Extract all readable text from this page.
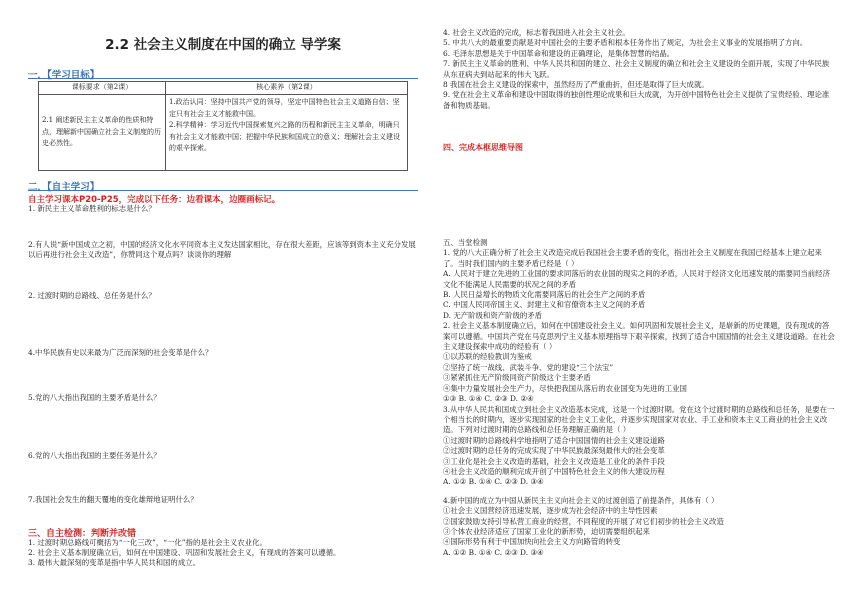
2.2 社会主义制度在中国的确立 导学案
一．【学习目标】
课标要求（第2课）	核心素养（第2课）
2.1 阐述新民主主义革命的性质和特点，理解新中国确立社会主义制度的历史必然性。	1.政治认同：坚持中国共产党的领导，坚定中国特色社会主义道路自信；坚定只有社会主义才能救中国。
2.科学精神：学习近代中国探索复兴之路的历程和新民主主义革命，明确只有社会主义才能救中国；把握中华民族和国成立的意义；理解社会主义建设的艰辛探索。
二．【自主学习】
自主学习课本P20-P25，完成以下任务：边看课本，边圈画标记。
1. 新民主主义革命胜利的标志是什么？
2.有人说“新中国成立之初，中国的经济文化水平同资本主义发达国家相比，存在很大差距，应该等到资本主义充分发展以后再进行社会主义改造”，你赞同这个观点吗？谈谈你的理解
2. 过渡时期的总路线、总任务是什么？
4.中华民族有史以来最为广泛而深刻的社会变革是什么？
5.党的八大指出我国的主要矛盾是什么？
6.党的八大指出我国的主要任务是什么？
7.我国社会发生的翻天覆地的变化雄辩地证明什么？
三、自主检测：判断并改错
1. 过渡时期总路线可概括为“一化三改”，“一化”指的是社会主义农业化。
2. 社会主义基本制度确立后，如何在中国建设、巩固和发展社会主义，有现成的答案可以遵循。
3. 最伟大最深刻的变革是指中华人民共和国的成立。
4. 社会主义改造的完成，标志着我国进入社会主义社会。
5. 中共八大的最重要贡献是对中国社会的主要矛盾和根本任务作出了规定，为社会主义事业的发展指明了方向。
6. 毛泽东思想是关于中国革命和建设的正确理论，是集体智慧的结晶。
7. 新民主主义革命的胜利、中华人民共和国的建立、社会主义制度的确立和社会主义建设的全面开展，实现了中华民族从东亚病夫到站起来的伟大飞跃。
8 我国在社会主义建设的探索中，虽然经历了严重曲折，但还是取得了巨大成就。
9. 党在社会主义革命和建设中国取得的独创性理论成果和巨大成就，为开创中国特色社会主义提供了宝贵经验、理论准备和物质基础。
四、完成本框思维导图
五、当堂检测
1. 党的八大正确分析了社会主义改造完成后我国社会主要矛盾的变化，指出社会主义制度在我国已经基本上建立起来了。当时我们国内的主要矛盾已经是（ ）
A. 人民对于建立先进的工业国的要求同落后的农业国的现实之间的矛盾，人民对于经济文化迅速发展的需要同当前经济文化不能满足人民需要的状况之间的矛盾
B. 人民日益增长的物质文化需要同落后的社会生产之间的矛盾
C. 中国人民同帝国主义、封建主义和官僚资本主义之间的矛盾
D. 无产阶级和资产阶级的矛盾
2. 社会主义基本制度确立后，如何在中国建设社会主义。如何巩固和发展社会主义，是崭新的历史课题，没有现成的答案可以遵循。中国共产党在马克思列宁主义基本原理指导下艰辛探索，找到了适合中国国情的社会主义建设道路。在社会主义建设探索中成功的经验有（ ）
①以苏联的经验教训为鉴戒
②坚持了统一战线、武装斗争、党的建设“三个法宝”
③紧紧抓住无产阶级同资产阶级这个主要矛盾
④集中力量发展社会生产力，尽快把我国从落后的农业国变为先进的工业国
①③ B. ①④ C. ②③ D. ②④
3.从中华人民共和国成立到社会主义改造基本完成，这是一个过渡时期。党在这个过渡时期的总路线和总任务，是要在一个相当长的时期内，逐步实现国家的社会主义工业化，并逐步实现国家对农业、手工业和资本主义工商业的社会主义改造。下列对过渡时期的总路线和总任务理解正确的是（ ）
①过渡时期的总路线科学地指明了适合中国国情的社会主义建设道路
②过渡时期的总任务的完成实现了中华民族最深刻最伟大的社会变革
③工业化是社会主义改造的基础，社会主义改造是工业化的条件手段
④社会主义改造的顺利完成开创了中国特色社会主义的伟大建设历程
A. ①② B. ①④ C. ②③ D. ③④
4.新中国的成立为中国从新民主主义向社会主义的过渡创造了前提条件，具体有（ ）
①社会主义国营经济迅速发展，逐步成为社会经济中的主导性因素
②国家鼓励支持引导私营工商业的经营，不同程度的开展了对它们初步的社会主义改造
③个体农业经济适应了国家工业化的新形势，迫切需要组织起来
④国际形势有利于中国加快向社会主义方向路管的转变
A. ①② B. ①④ C. ②③ D. ③④
